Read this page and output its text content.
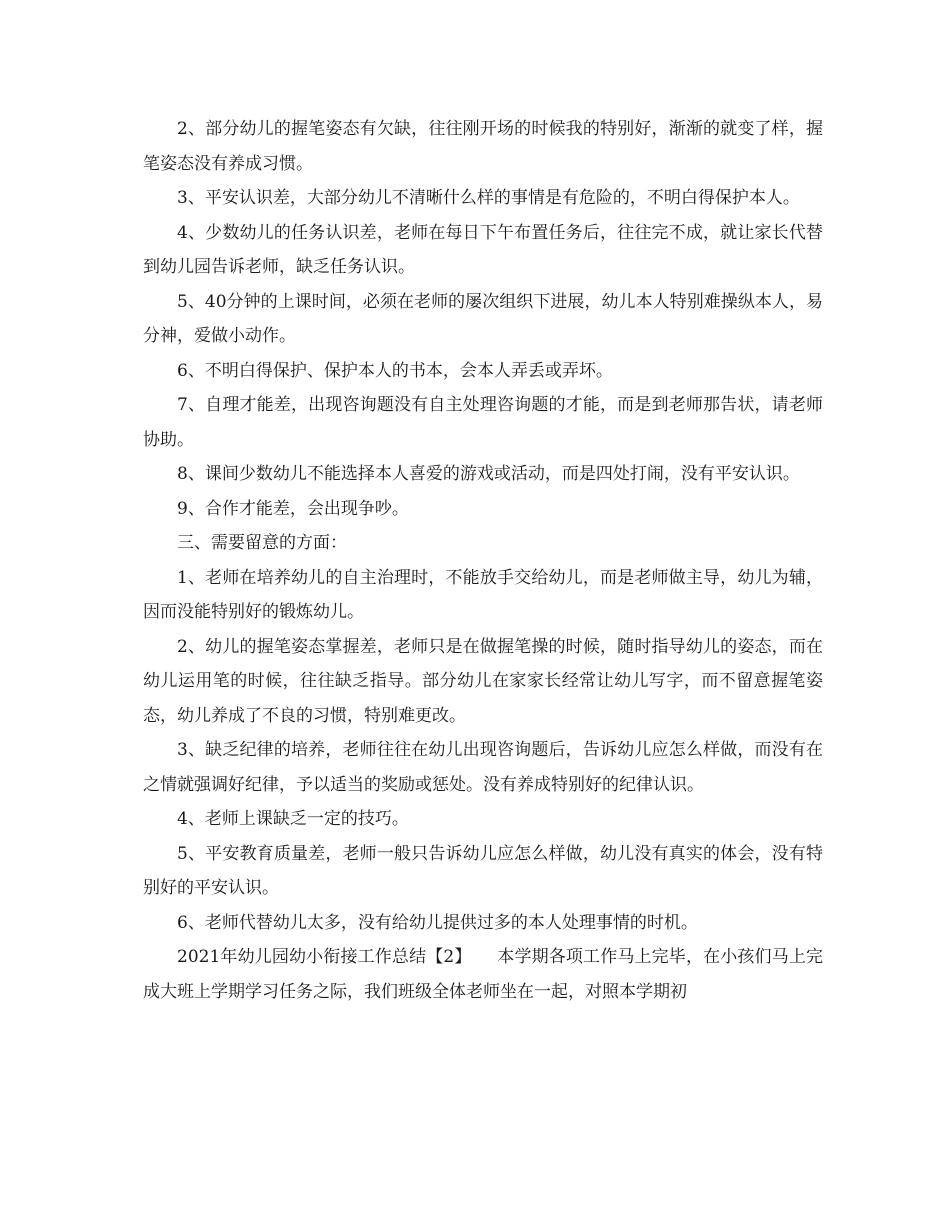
2、部分幼儿的握笔姿态有欠缺，往往刚开场的时候我的特别好，渐渐的就变了样，握笔姿态没有养成习惯。

3、平安认识差，大部分幼儿不清晰什么样的事情是有危险的，不明白得保护本人。

4、少数幼儿的任务认识差，老师在每日下午布置任务后，往往完不成，就让家长代替到幼儿园告诉老师，缺乏任务认识。

5、40分钟的上课时间，必须在老师的屡次组织下进展，幼儿本人特别难操纵本人，易分神，爱做小动作。

6、不明白得保护、保护本人的书本，会本人弄丢或弄坏。

7、自理才能差，出现咨询题没有自主处理咨询题的才能，而是到老师那告状，请老师协助。

8、课间少数幼儿不能选择本人喜爱的游戏或活动，而是四处打闹，没有平安认识。

9、合作才能差，会出现争吵。

三、需要留意的方面：

1、老师在培养幼儿的自主治理时，不能放手交给幼儿，而是老师做主导，幼儿为辅，因而没能特别好的锻炼幼儿。

2、幼儿的握笔姿态掌握差，老师只是在做握笔操的时候，随时指导幼儿的姿态，而在幼儿运用笔的时候，往往缺乏指导。部分幼儿在家家长经常让幼儿写字，而不留意握笔姿态，幼儿养成了不良的习惯，特别难更改。

3、缺乏纪律的培养，老师往往在幼儿出现咨询题后，告诉幼儿应怎么样做，而没有在之情就强调好纪律，予以适当的奖励或惩处。没有养成特别好的纪律认识。

4、老师上课缺乏一定的技巧。

5、平安教育质量差，老师一般只告诉幼儿应怎么样做，幼儿没有真实的体会，没有特别好的平安认识。

6、老师代替幼儿太多，没有给幼儿提供过多的本人处理事情的时机。

2021年幼儿园幼小衔接工作总结【2】　　本学期各项工作马上完毕，在小孩们马上完成大班上学期学习任务之际，我们班级全体老师坐在一起，对照本学期初
